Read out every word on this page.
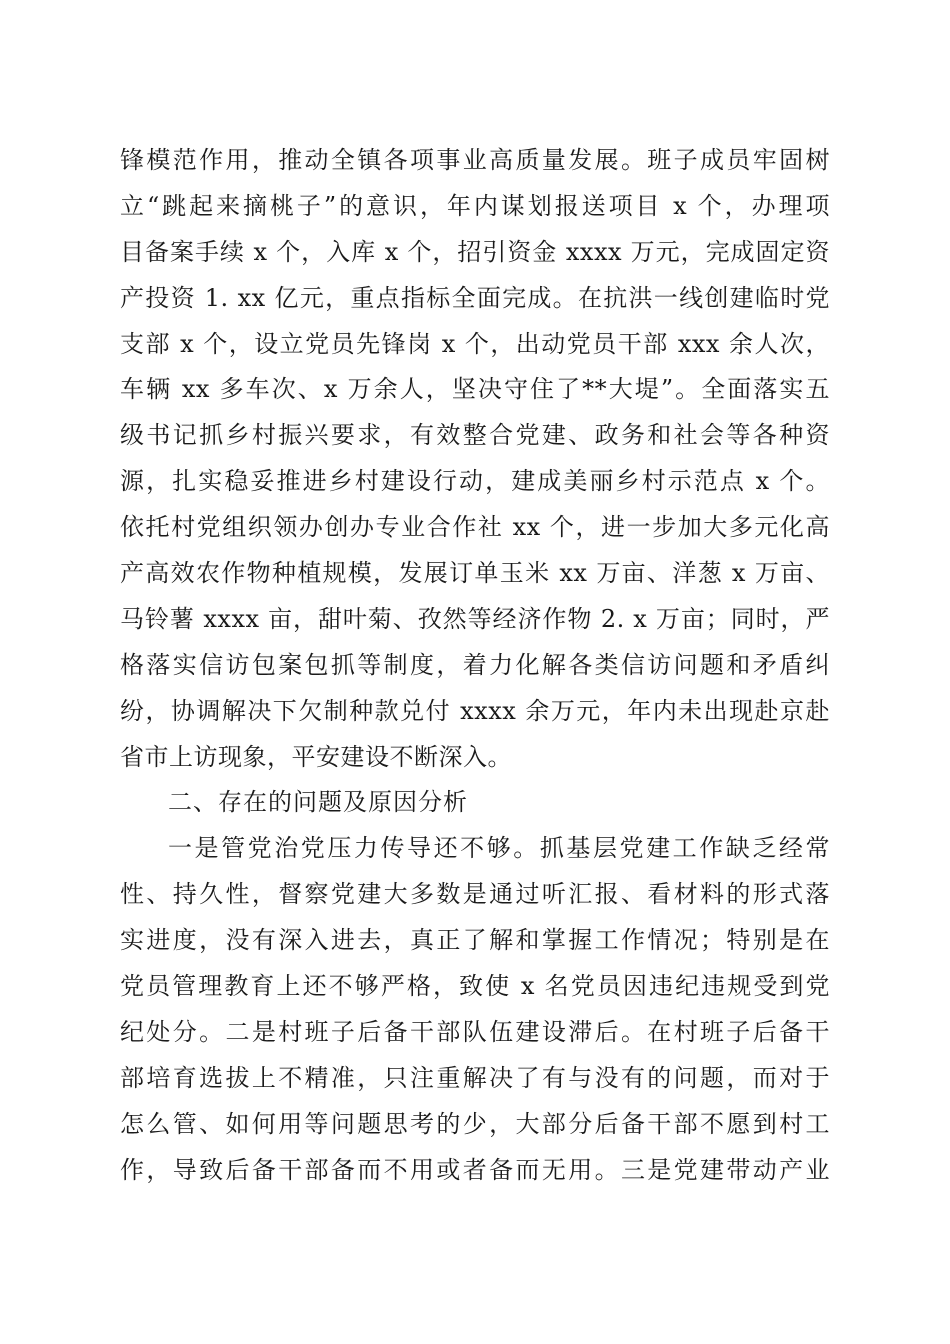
锋模范作用，推动全镇各项事业高质量发展。班子成员牢固树
立“跳起来摘桃子”的意识，年内谋划报送项目 x 个，办理项
目备案手续 x 个，入库 x 个，招引资金 xxxx 万元，完成固定资
产投资 1. xx 亿元，重点指标全面完成。在抗洪一线创建临时党
支部 x 个，设立党员先锋岗 x 个，出动党员干部 xxx 余人次，
车辆 xx 多车次、x 万余人，坚决守住了**大堤”。全面落实五
级书记抓乡村振兴要求，有效整合党建、政务和社会等各种资
源，扎实稳妥推进乡村建设行动，建成美丽乡村示范点 x 个。
依托村党组织领办创办专业合作社 xx 个，进一步加大多元化高
产高效农作物种植规模，发展订单玉米 xx 万亩、洋葱 x 万亩、
马铃薯 xxxx 亩，甜叶菊、孜然等经济作物 2. x 万亩；同时，严
格落实信访包案包抓等制度，着力化解各类信访问题和矛盾纠
纷，协调解决下欠制种款兑付 xxxx 余万元，年内未出现赴京赴
省市上访现象，平安建设不断深入。
二、存在的问题及原因分析
一是管党治党压力传导还不够。抓基层党建工作缺乏经常
性、持久性，督察党建大多数是通过听汇报、看材料的形式落
实进度，没有深入进去，真正了解和掌握工作情况；特别是在
党员管理教育上还不够严格，致使 x 名党员因违纪违规受到党
纪处分。二是村班子后备干部队伍建设滞后。在村班子后备干
部培育选拔上不精准，只注重解决了有与没有的问题，而对于
怎么管、如何用等问题思考的少，大部分后备干部不愿到村工
作，导致后备干部备而不用或者备而无用。三是党建带动产业
